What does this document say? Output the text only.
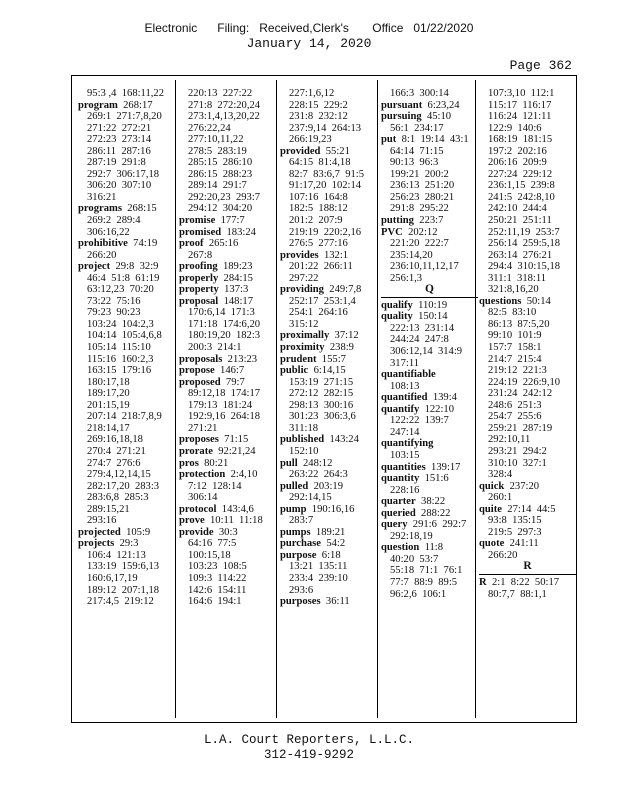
Electronic      Filing:   Received,Clerk's       Office   01/22/2020
January 14, 2020
Page 362
95:3 ,4  168:11,22
program  268:17
269:1  271:7,8,20
271:22  272:21
272:23  273:14
286:11  287:16
287:19  291:8
292:7  306:17,18
306:20  307:10
316:21
programs  268:15
269:2  289:4
306:16,22
prohibitive  74:19
266:20
project  29:8  32:9
46:4  51:8  61:19
63:12,23  70:20
73:22  75:16
79:23  90:23
103:24  104:2,3
104:14  105:4,6,8
105:14  115:10
115:16  160:2,3
163:15  179:16
180:17,18
189:17,20
201:15,19
207:14  218:7,8,9
218:14,17
269:16,18,18
270:4  271:21
274:7  276:6
279:4,12,14,15
282:17,20  283:3
283:6,8  285:3
289:15,21
293:16
projected  105:9
projects  29:3
106:4  121:13
133:19  159:6,13
160:6,17,19
189:12  207:1,18
217:4,5  219:12
220:13  227:22
271:8  272:20,24
273:1,4,13,20,22
276:22,24
277:10,11,22
278:5  283:19
285:15  286:10
286:15  288:23
289:14  291:7
292:20,23  293:7
294:12  304:20
promise  177:7
promised  183:24
proof  265:16
267:8
proofing  189:23
properly  284:15
property  137:3
proposal  148:17
170:6,14  171:3
171:18  174:6,20
180:19,20  182:3
200:3  214:1
proposals  213:23
propose  146:7
proposed  79:7
89:12,18  174:17
179:13  181:24
192:9,16  264:18
271:21
proposes  71:15
prorate  92:21,24
pros  80:21
protection  2:4,10
7:12  128:14
306:14
protocol  143:4,6
prove  10:11  11:18
provide  30:3
64:16  77:5
100:15,18
103:23  108:5
109:3  114:22
142:6  154:11
164:6  194:1
227:1,6,12
228:15  229:2
231:8  232:12
237:9,14  264:13
266:19,23
provided  55:21
64:15  81:4,18
82:7  83:6,7  91:5
91:17,20  102:14
107:16  164:8
182:5  188:12
201:2  207:9
219:19  220:2,16
276:5  277:16
provides  132:1
201:22  266:11
297:22
providing  249:7,8
252:17  253:1,4
254:1  264:16
315:12
proximally  37:12
proximity  238:9
prudent  155:7
public  6:14,15
153:19  271:15
272:12  282:15
298:13  300:16
301:23  306:3,6
311:18
published  143:24
152:10
pull  248:12
263:22  264:3
pulled  203:19
292:14,15
pump  190:16,16
283:7
pumps  189:21
purchase  54:2
purpose  6:18
13:21  135:11
233:4  239:10
293:6
purposes  36:11
166:3  300:14
pursuant  6:23,24
pursuing  45:10
56:1  234:17
put  8:1  19:14  43:1
64:14  71:15
90:13  96:3
199:21  200:2
236:13  251:20
256:23  280:21
291:8  295:22
putting  223:7
PVC  202:12
221:20  222:7
235:14,20
236:10,11,12,17
256:1,3
Q
qualify  110:19
quality  150:14
222:13  231:14
244:24  247:8
306:12,14  314:9
317:11
quantifiable
108:13
quantified  139:4
quantify  122:10
122:22  139:7
247:14
quantifying
103:15
quantities  139:17
quantity  151:6
228:16
quarter  38:22
queried  288:22
query  291:6  292:7
292:18,19
question  11:8
40:20  53:7
55:18  71:1  76:1
77:7  88:9  89:5
96:2,6  106:1
107:3,10  112:1
115:17  116:17
116:24  121:11
122:9  140:6
168:19  181:15
197:2  202:16
206:16  209:9
227:24  229:12
236:1,15  239:8
241:5  242:8,10
242:10  244:4
250:21  251:11
252:11,19  253:7
256:14  259:5,18
263:14  276:21
294:4  310:15,18
311:1  318:11
321:8,16,20
questions  50:14
82:5  83:10
86:13  87:5,20
99:10  101:9
157:7  158:1
214:7  215:4
219:12  221:3
224:19  226:9,10
231:24  242:12
248:6  251:3
254:7  255:6
259:21  287:19
292:10,11
293:21  294:2
310:10  327:1
328:4
quick  237:20
260:1
quite  27:14  44:5
93:8  135:15
219:5  297:3
quote  241:11
266:20
R
R  2:1  8:22  50:17
80:7,7  88:1,1
L.A. Court Reporters, L.L.C.
312-419-9292
